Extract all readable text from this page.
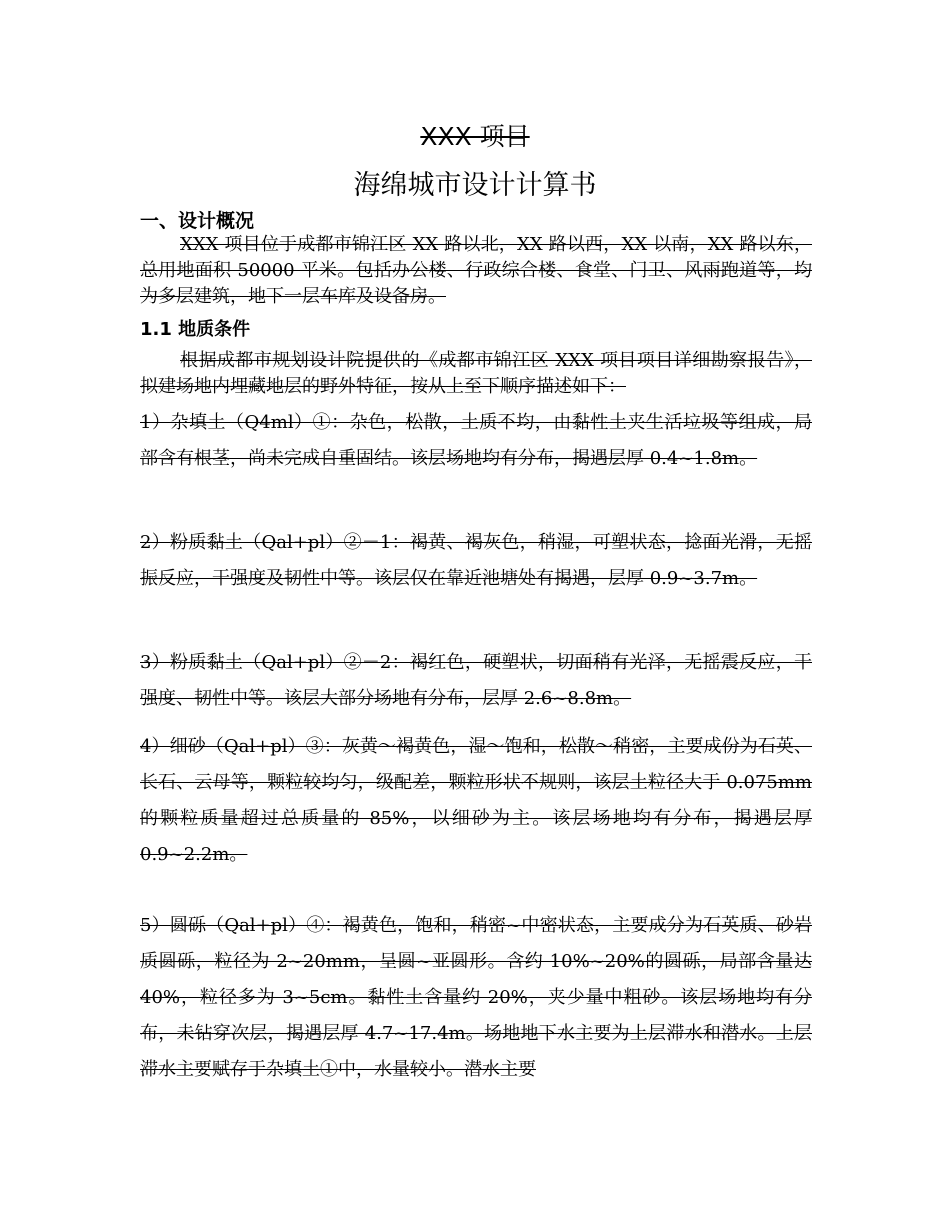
XXX 项目
海绵城市设计计算书
一、设计概况

XXX 项目位于成都市锦江区 XX 路以北，XX 路以西，XX 以南，XX 路以东，总用地面积 50000 平米。包括办公楼、行政综合楼、食堂、门卫、风雨跑道等，均为多层建筑，地下一层车库及设备房。

1.1 地质条件

根据成都市规划设计院提供的《成都市锦江区 XXX 项目项目详细勘察报告》，拟建场地内埋藏地层的野外特征，按从上至下顺序描述如下：

1）杂填土（Q4ml）①：杂色，松散，土质不均，由黏性土夹生活垃圾等组成，局部含有根茎，尚未完成自重固结。该层场地均有分布，揭遇层厚 0.4~1.8m。

2）粉质黏土（Qal+pl）②－1：褐黄、褐灰色，稍湿，可塑状态，捻面光滑，无摇振反应，干强度及韧性中等。该层仅在靠近池塘处有揭遇，层厚 0.9~3.7m。

3）粉质黏土（Qal+pl）②－2：褐红色，硬塑状，切面稍有光泽，无摇震反应，干强度、韧性中等。该层大部分场地有分布，层厚 2.6~8.8m。

4）细砂（Qal+pl）③：灰黄～褐黄色，湿～饱和，松散～稍密，主要成份为石英、长石、云母等，颗粒较均匀，级配差，颗粒形状不规则，该层土粒径大于 0.075mm 的颗粒质量超过总质量的 85%，以细砂为主。该层场地均有分布，揭遇层厚 0.9~2.2m。

5）圆砾（Qal+pl）④：褐黄色，饱和，稍密~中密状态，主要成分为石英质、砂岩质圆砾，粒径为 2~20mm，呈圆~亚圆形。含约 10%~20%的圆砾，局部含量达 40%，粒径多为 3~5cm。黏性土含量约 20%，夹少量中粗砂。该层场地均有分布，未钻穿次层，揭遇层厚 4.7~17.4m。场地地下水主要为上层滞水和潜水。上层滞水主要赋存于杂填土①中，水量较小。潜水主要
